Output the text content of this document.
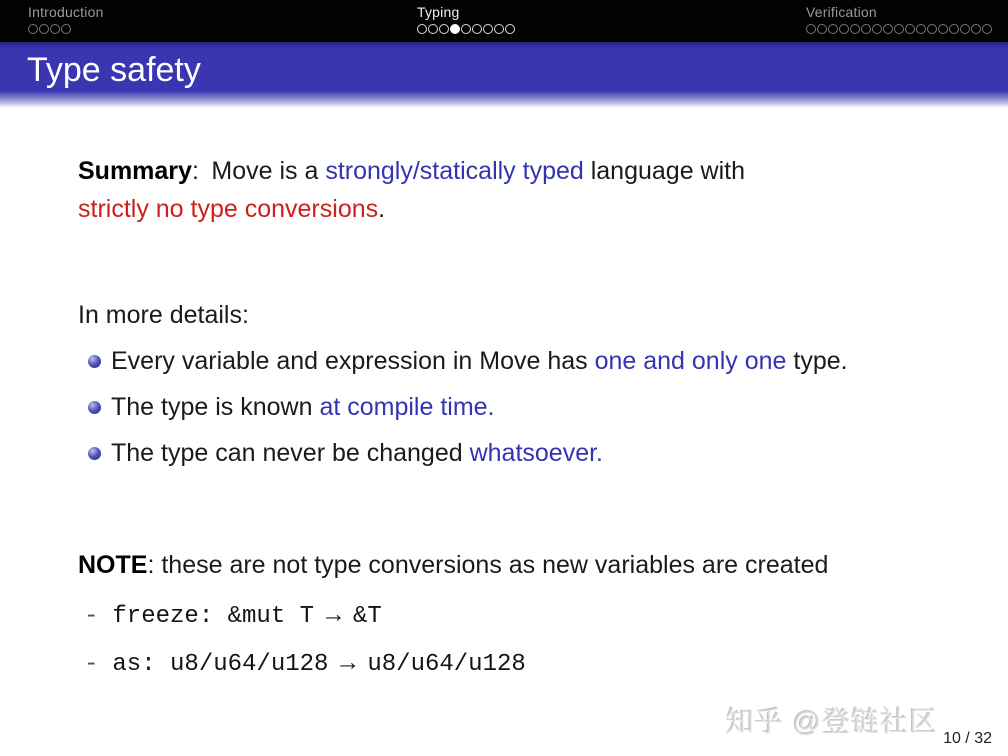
Introduction	Typing	Verification
Type safety
Summary: Move is a strongly/statically typed language with
strictly no type conversions.
In more details:
Every variable and expression in Move has one and only one type.
The type is known at compile time.
The type can never be changed whatsoever.
NOTE: these are not type conversions as new variables are created
- freeze: &mut T → &T
- as: u8/u64/u128 → u8/u64/u128
知乎 @登链社区
10 / 32
